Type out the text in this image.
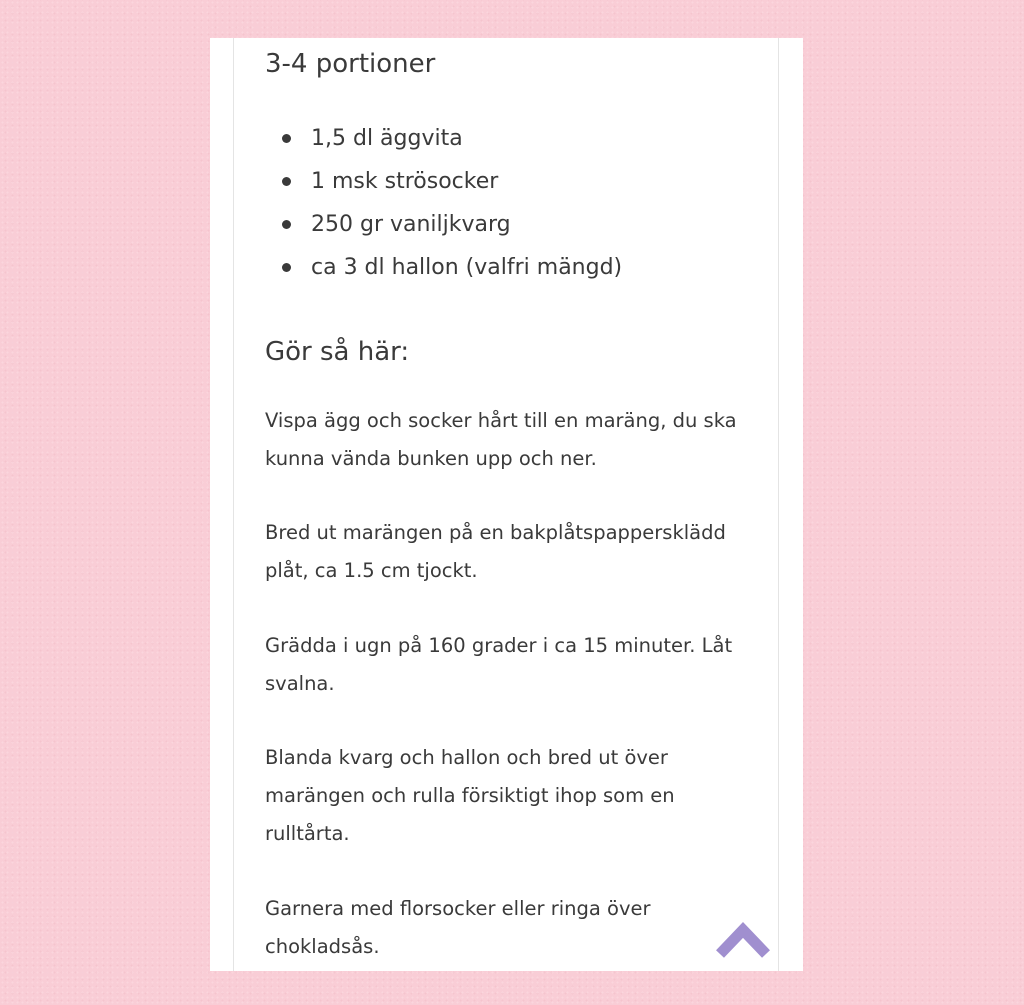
3-4 portioner
1,5 dl äggvita
1 msk strösocker
250 gr vaniljkvarg
ca 3 dl hallon (valfri mängd)
Gör så här:

Vispa ägg och socker hårt till en maräng, du ska kunna vända bunken upp och ner.

Bred ut marängen på en bakplåtspappersklädd plåt, ca 1.5 cm tjockt.

Grädda i ugn på 160 grader i ca 15 minuter. Låt svalna.

Blanda kvarg och hallon och bred ut över marängen och rulla försiktigt ihop som en rulltårta.

Garnera med florsocker eller ringa över chokladsås.
